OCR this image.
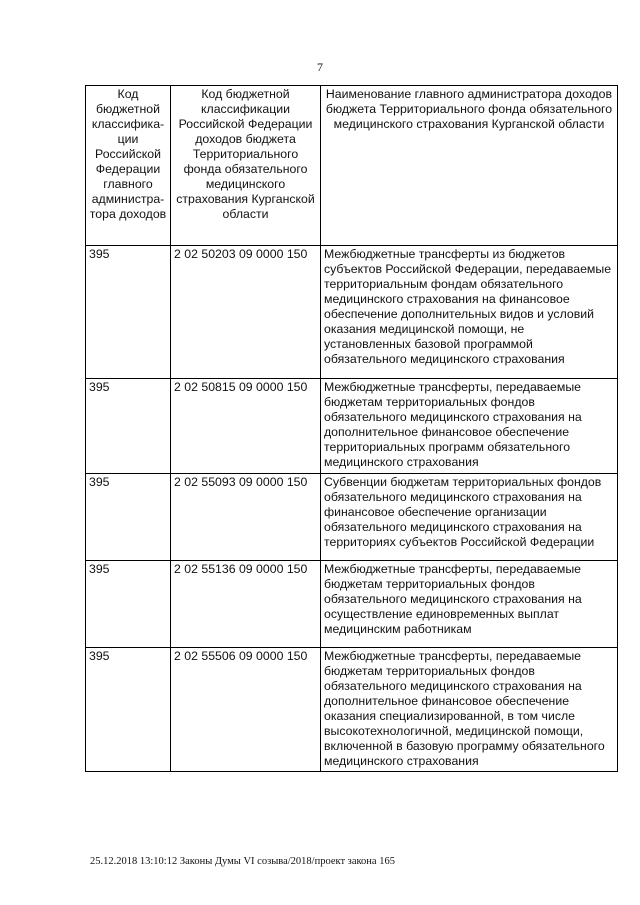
7
Код бюджетной классифика-ции Российской Федерации главного администра-тора доходов	Код бюджетной классификации Российской Федерации доходов бюджета Территориального фонда обязательного медицинского страхования Курганской области	Наименование главного администратора доходов бюджета Территориального фонда обязательного медицинского страхования Курганской области
395	2 02 50203 09 0000 150	Межбюджетные трансферты из бюджетов субъектов Российской Федерации, передаваемые территориальным фондам обязательного медицинского страхования на финансовое обеспечение дополнительных видов и условий оказания медицинской помощи, не установленных базовой программой обязательного медицинского страхования
395	2 02 50815 09 0000 150	Межбюджетные трансферты, передаваемые бюджетам территориальных фондов обязательного медицинского страхования на дополнительное финансовое обеспечение территориальных программ обязательного медицинского страхования
395	2 02 55093 09 0000 150	Субвенции бюджетам территориальных фондов обязательного медицинского страхования на финансовое обеспечение организации обязательного медицинского страхования на территориях субъектов Российской Федерации
395	2 02 55136 09 0000 150	Межбюджетные трансферты, передаваемые бюджетам территориальных фондов обязательного медицинского страхования на осуществление единовременных выплат медицинским работникам
395	2 02 55506 09 0000 150	Межбюджетные трансферты, передаваемые бюджетам территориальных фондов обязательного медицинского страхования на дополнительное финансовое обеспечение оказания специализированной, в том числе высокотехнологичной, медицинской помощи, включенной в базовую программу обязательного медицинского страхования
25.12.2018 13:10:12 Законы Думы VI созыва/2018/проект закона 165
